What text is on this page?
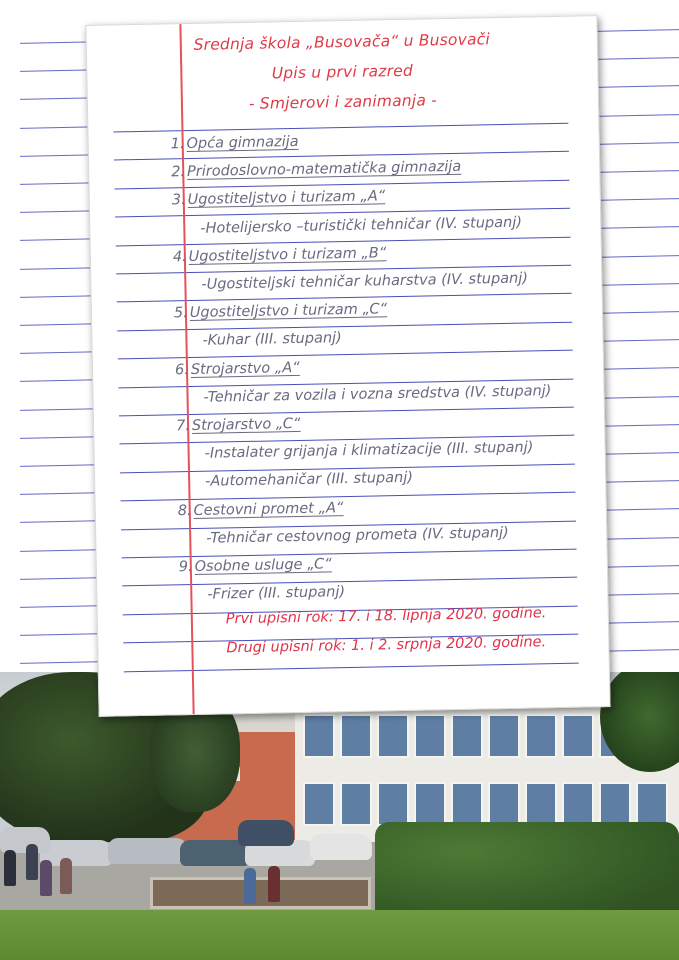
Srednja škola „Busovača“ u Busovači
Upis u prvi razred
- Smjerovi i zanimanja -
1. Opća gimnazija
2. Prirodoslovno-matematička gimnazija
3. Ugostiteljstvo i turizam „A“
-Hotelijersko –turistički tehničar (IV. stupanj)
4. Ugostiteljstvo i turizam „B“
-Ugostiteljski tehničar kuharstva (IV. stupanj)
5. Ugostiteljstvo i turizam „C“
-Kuhar (III. stupanj)
6. Strojarstvo „A“
-Tehničar za vozila i vozna sredstva (IV. stupanj)
7. Strojarstvo „C“
-Instalater grijanja i klimatizacije (III. stupanj)
-Automehaničar (III. stupanj)
8. Cestovni promet „A“
-Tehničar cestovnog prometa (IV. stupanj)
9. Osobne usluge „C“
-Frizer (III. stupanj)
Prvi upisni rok: 17. i 18. lipnja 2020. godine.
Drugi upisni rok: 1. i 2. srpnja 2020. godine.
